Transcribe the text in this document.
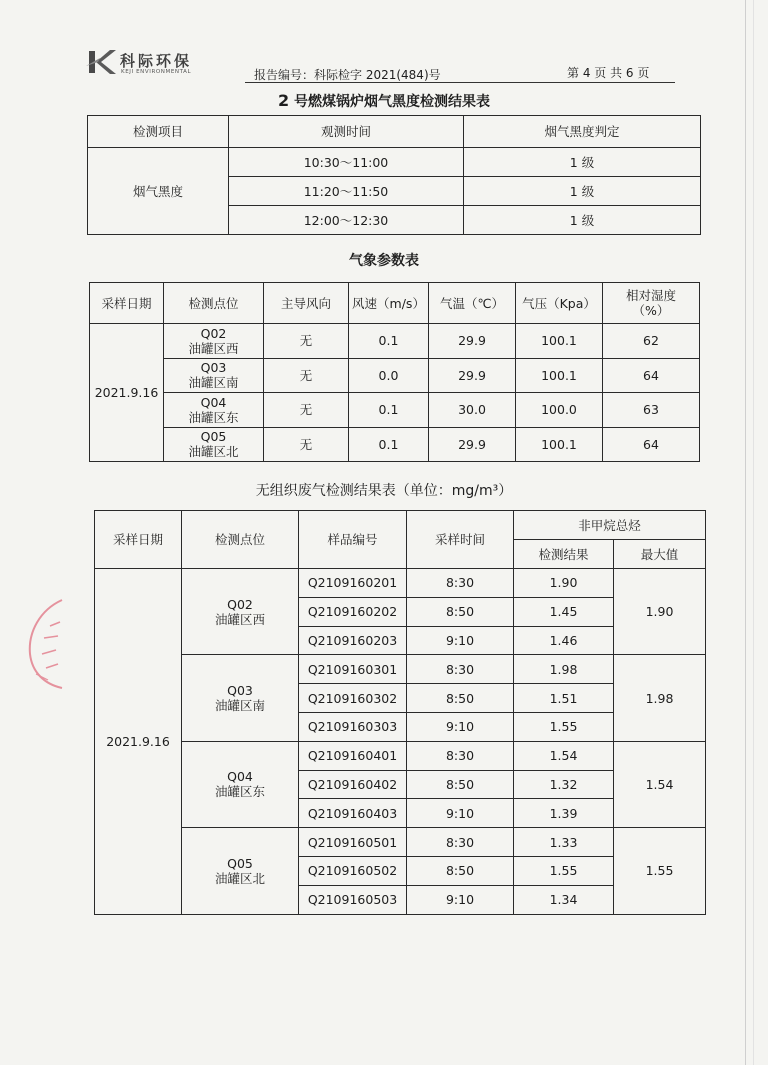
科际环保
KEJI ENVIRONMENTAL	报告编号：科际检字 2021(484)号	第 4 页 共 6 页
2 号燃煤锅炉烟气黑度检测结果表
检测项目	观测时间	烟气黑度判定
烟气黑度	10:30～11:00	1 级
	11:20～11:50	1 级
	12:00～12:30	1 级
气象参数表
采样日期	检测点位	主导风向	风速（m/s）	气温（℃）	气压（Kpa）	相对湿度
（%）
2021.9.16	Q02
油罐区西	无	0.1	29.9	100.1	62
	Q03
油罐区南	无	0.0	29.9	100.1	64
	Q04
油罐区东	无	0.1	30.0	100.0	63
	Q05
油罐区北	无	0.1	29.9	100.1	64
无组织废气检测结果表（单位：mg/m³）
采样日期	检测点位	样品编号	采样时间	非甲烷总烃	
				检测结果	最大值
2021.9.16	Q02
油罐区西	Q2109160201	8:30	1.90	1.90
		Q2109160202	8:50	1.45	
		Q2109160203	9:10	1.46	
	Q03
油罐区南	Q2109160301	8:30	1.98	1.98
		Q2109160302	8:50	1.51	
		Q2109160303	9:10	1.55	
	Q04
油罐区东	Q2109160401	8:30	1.54	1.54
		Q2109160402	8:50	1.32	
		Q2109160403	9:10	1.39	
	Q05
油罐区北	Q2109160501	8:30	1.33	1.55
		Q2109160502	8:50	1.55	
		Q2109160503	9:10	1.34	
